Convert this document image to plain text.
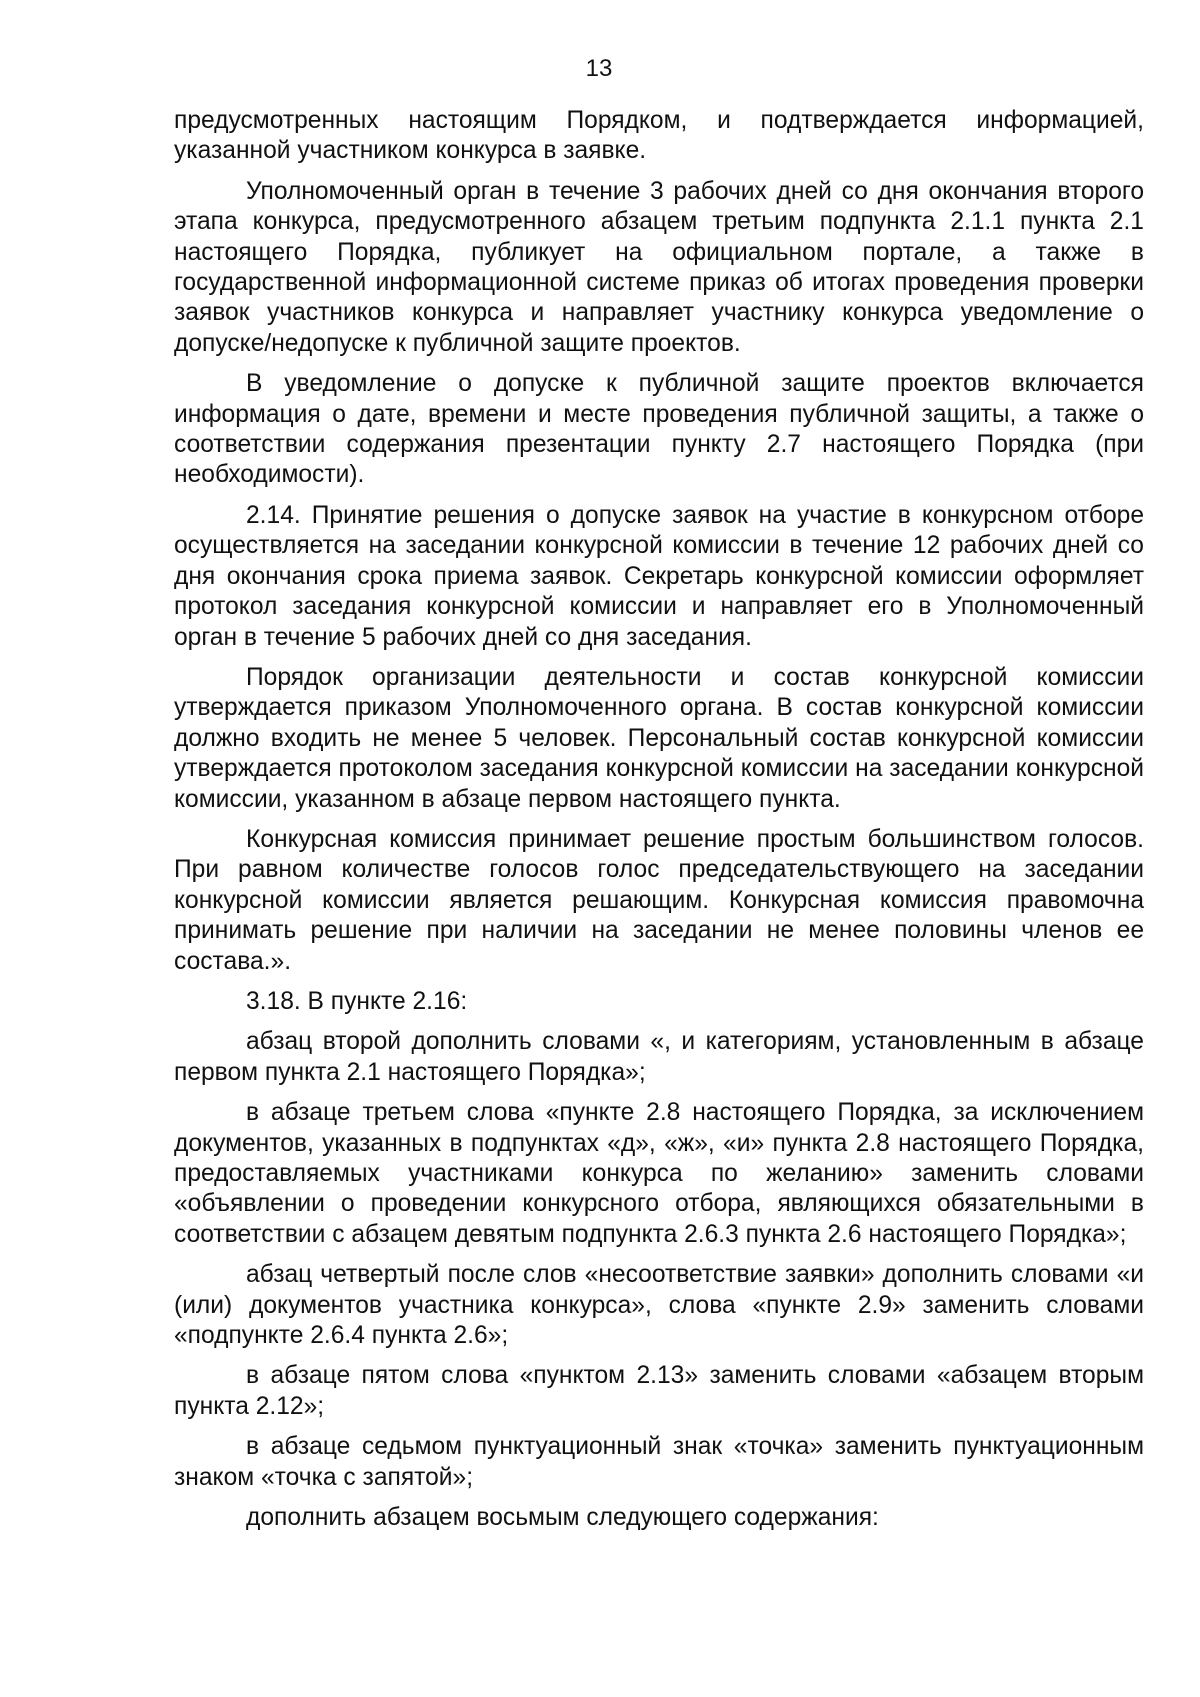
13

предусмотренных настоящим Порядком, и подтверждается информацией, указанной участником конкурса в заявке.

Уполномоченный орган в течение 3 рабочих дней со дня окончания второго этапа конкурса, предусмотренного абзацем третьим подпункта 2.1.1 пункта 2.1 настоящего Порядка, публикует на официальном портале, а также в государственной информационной системе приказ об итогах проведения проверки заявок участников конкурса и направляет участнику конкурса уведомление о допуске/недопуске к публичной защите проектов.

В уведомление о допуске к публичной защите проектов включается информация о дате, времени и месте проведения публичной защиты, а также о соответствии содержания презентации пункту 2.7 настоящего Порядка (при необходимости).

2.14. Принятие решения о допуске заявок на участие в конкурсном отборе осуществляется на заседании конкурсной комиссии в течение 12 рабочих дней со дня окончания срока приема заявок. Секретарь конкурсной комиссии оформляет протокол заседания конкурсной комиссии и направляет его в Уполномоченный орган в течение 5 рабочих дней со дня заседания.

Порядок организации деятельности и состав конкурсной комиссии утверждается приказом Уполномоченного органа. В состав конкурсной комиссии должно входить не менее 5 человек. Персональный состав конкурсной комиссии утверждается протоколом заседания конкурсной комиссии на заседании конкурсной комиссии, указанном в абзаце первом настоящего пункта.

Конкурсная комиссия принимает решение простым большинством голосов. При равном количестве голосов голос председательствующего на заседании конкурсной комиссии является решающим. Конкурсная комиссия правомочна принимать решение при наличии на заседании не менее половины членов ее состава.».

3.18. В пункте 2.16:

абзац второй дополнить словами «, и категориям, установленным в абзаце первом пункта 2.1 настоящего Порядка»;

в абзаце третьем слова «пункте 2.8 настоящего Порядка, за исключением документов, указанных в подпунктах «д», «ж», «и» пункта 2.8 настоящего Порядка, предоставляемых участниками конкурса по желанию» заменить словами «объявлении о проведении конкурсного отбора, являющихся обязательными в соответствии с абзацем девятым подпункта 2.6.3 пункта 2.6 настоящего Порядка»;

абзац четвертый после слов «несоответствие заявки» дополнить словами «и (или) документов участника конкурса», слова «пункте 2.9» заменить словами «подпункте 2.6.4 пункта 2.6»;

в абзаце пятом слова «пунктом 2.13» заменить словами «абзацем вторым пункта 2.12»;

в абзаце седьмом пунктуационный знак «точка» заменить пунктуационным знаком «точка с запятой»;

дополнить абзацем восьмым следующего содержания:
